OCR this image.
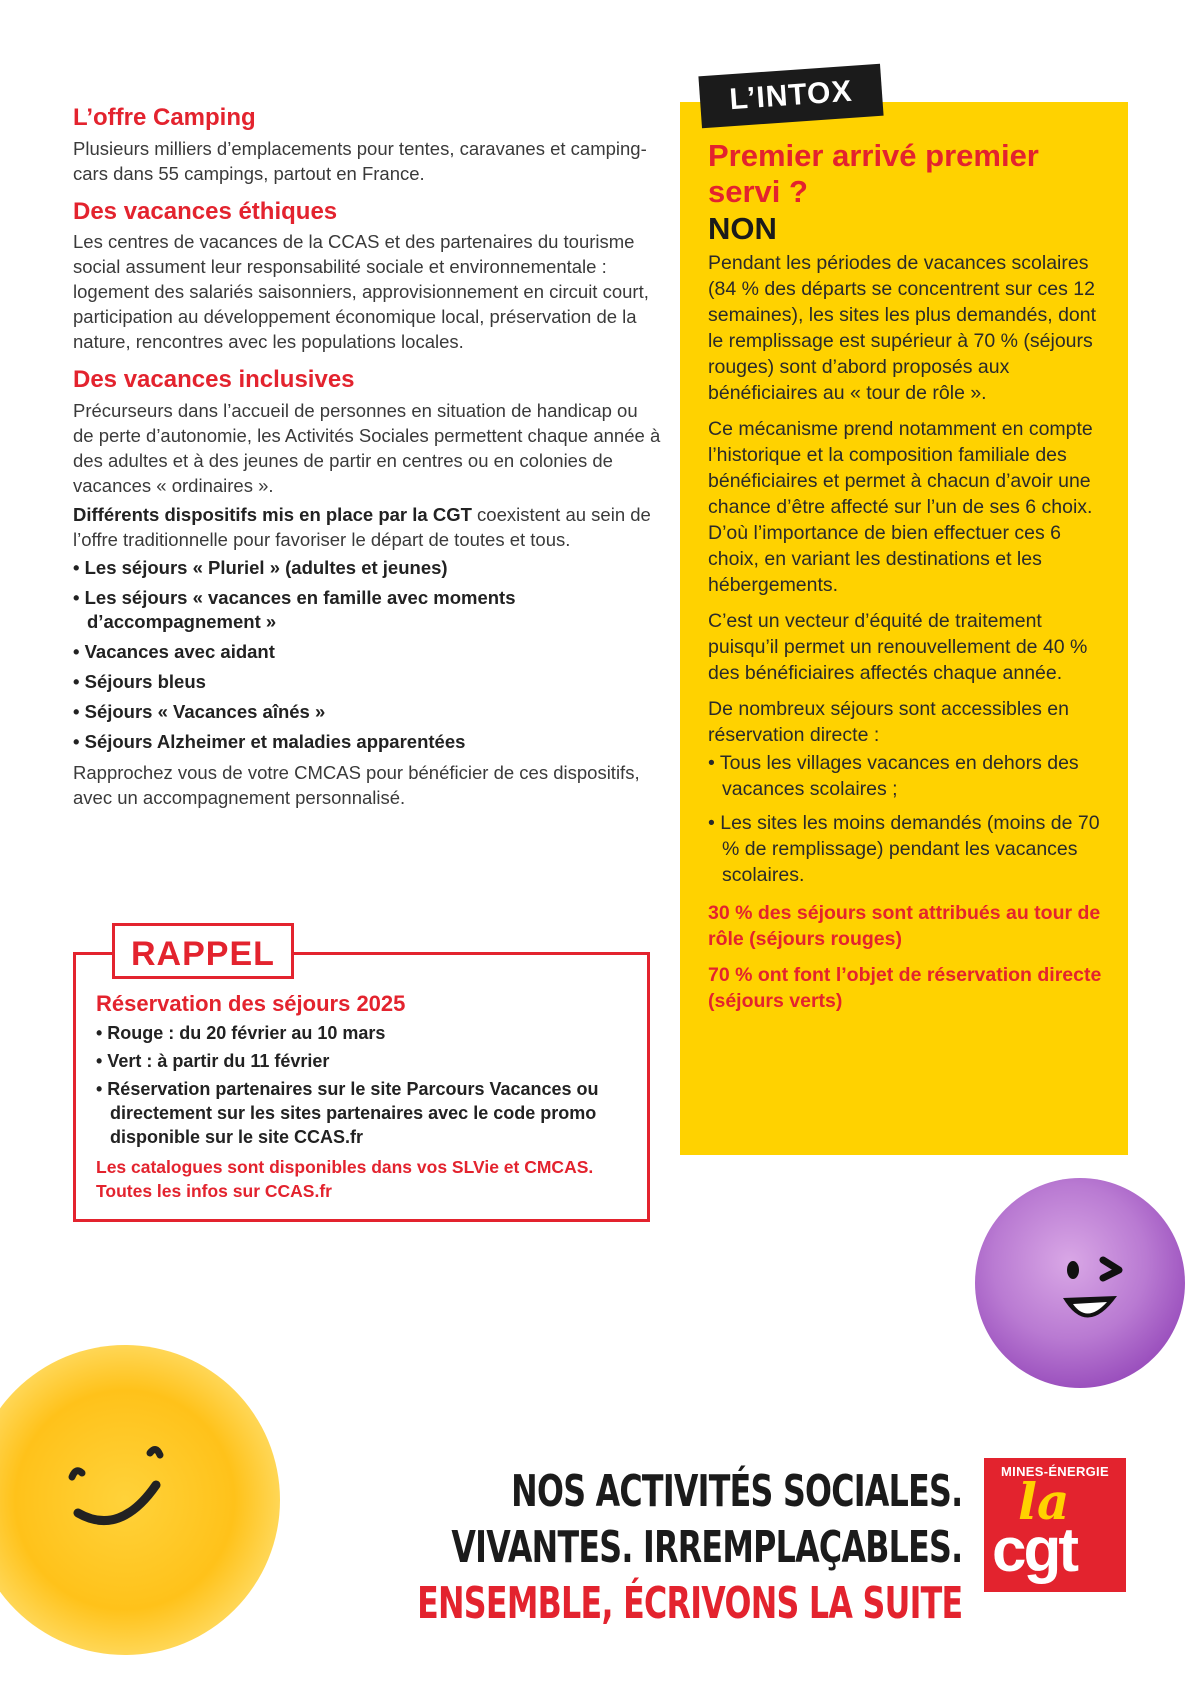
L’offre Camping

Plusieurs milliers d’emplacements pour tentes, caravanes et camping-cars dans 55 campings, partout en France.

Des vacances éthiques

Les centres de vacances de la CCAS et des partenaires du tourisme social assument leur responsabilité sociale et environnementale : logement des salariés saisonniers, approvisionnement en circuit court, participation au développement économique local, préservation de la nature, rencontres avec les populations locales.

Des vacances inclusives

Précurseurs dans l’accueil de personnes en situation de handicap ou de perte d’autonomie, les Activités Sociales permettent chaque année à des adultes et à des jeunes de partir en centres ou en colonies de vacances « ordinaires ».

Différents dispositifs mis en place par la CGT coexistent au sein de l’offre traditionnelle pour favoriser le départ de toutes et tous.

• Les séjours « Pluriel » (adultes et jeunes)
• Les séjours « vacances en famille avec moments d’accompagnement »
• Vacances avec aidant
• Séjours bleus
• Séjours « Vacances aînés »
• Séjours Alzheimer et maladies apparentées

Rapprochez vous de votre CMCAS pour bénéficier de ces dispositifs, avec un accompagnement personnalisé.

RAPPEL
Réservation des séjours 2025
• Rouge : du 20 février au 10 mars
• Vert : à partir du 11 février
• Réservation partenaires sur le site Parcours Vacances ou directement sur les sites partenaires avec le code promo disponible sur le site CCAS.fr
Les catalogues sont disponibles dans vos SLVie et CMCAS. Toutes les infos sur CCAS.fr
Premier arrivé premier servi ?
NON

Pendant les périodes de vacances scolaires (84 % des départs se concentrent sur ces 12 semaines), les sites les plus demandés, dont le remplissage est supérieur à 70 % (séjours rouges) sont d’abord proposés aux bénéficiaires au « tour de rôle ».

Ce mécanisme prend notamment en compte l’historique et la composition familiale des bénéficiaires et permet à chacun d’avoir une chance d’être affecté sur l’un de ses 6 choix. D’où l’importance de bien effectuer ces 6 choix, en variant les destinations et les hébergements.

C’est un vecteur d’équité de traitement puisqu’il permet un renouvellement de 40 % des bénéficiaires affectés chaque année.

De nombreux séjours sont accessibles en réservation directe :

• Tous les villages vacances en dehors des vacances scolaires ;
• Les sites les moins demandés (moins de 70 % de remplissage) pendant les vacances scolaires.

30 % des séjours sont attribués au tour de rôle (séjours rouges)

70 % ont font l’objet de réservation directe (séjours verts)

L’INTOX
NOS ACTIVITÉS SOCIALES.
VIVANTES. IRREMPLAÇABLES.
ENSEMBLE, ÉCRIVONS LA SUITE
MINES-ÉNERGIE
la
cgt
